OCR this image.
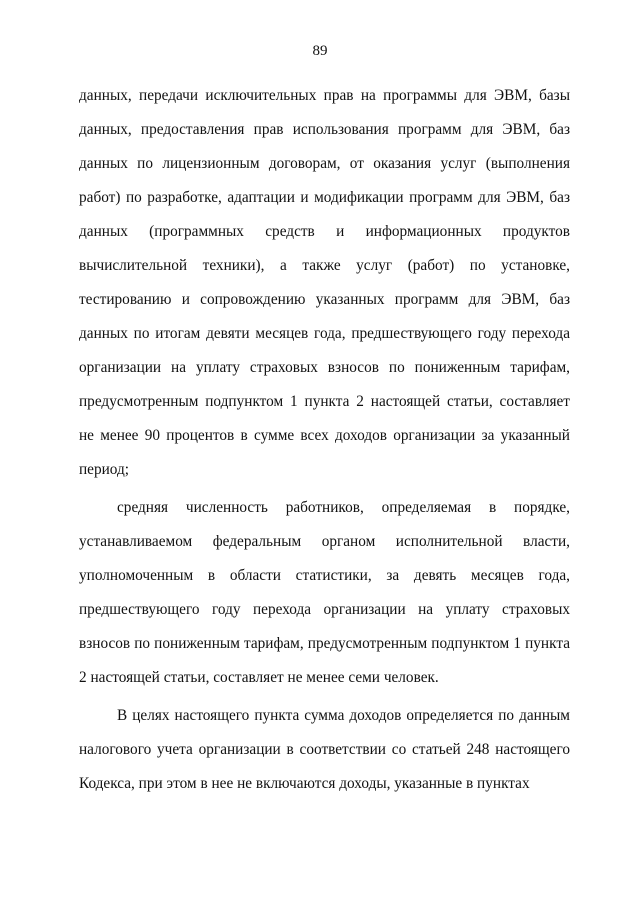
89
данных, передачи исключительных прав на программы для ЭВМ, базы
данных, предоставления прав использования программ для ЭВМ, баз
данных по лицензионным договорам, от оказания услуг (выполнения
работ) по разработке, адаптации и модификации программ для ЭВМ, баз
данных (программных средств и информационных продуктов
вычислительной техники), а также услуг (работ) по установке,
тестированию и сопровождению указанных программ для ЭВМ, баз
данных по итогам девяти месяцев года, предшествующего году перехода
организации на уплату страховых взносов по пониженным тарифам,
предусмотренным подпунктом 1 пункта 2 настоящей статьи, составляет
не менее 90 процентов в сумме всех доходов организации за указанный
период;
средняя численность работников, определяемая в порядке,
устанавливаемом федеральным органом исполнительной власти,
уполномоченным в области статистики, за девять месяцев года,
предшествующего году перехода организации на уплату страховых
взносов по пониженным тарифам, предусмотренным подпунктом 1 пункта
2 настоящей статьи, составляет не менее семи человек.
В целях настоящего пункта сумма доходов определяется по данным
налогового учета организации в соответствии со статьей 248 настоящего
Кодекса, при этом в нее не включаются доходы, указанные в пунктах
